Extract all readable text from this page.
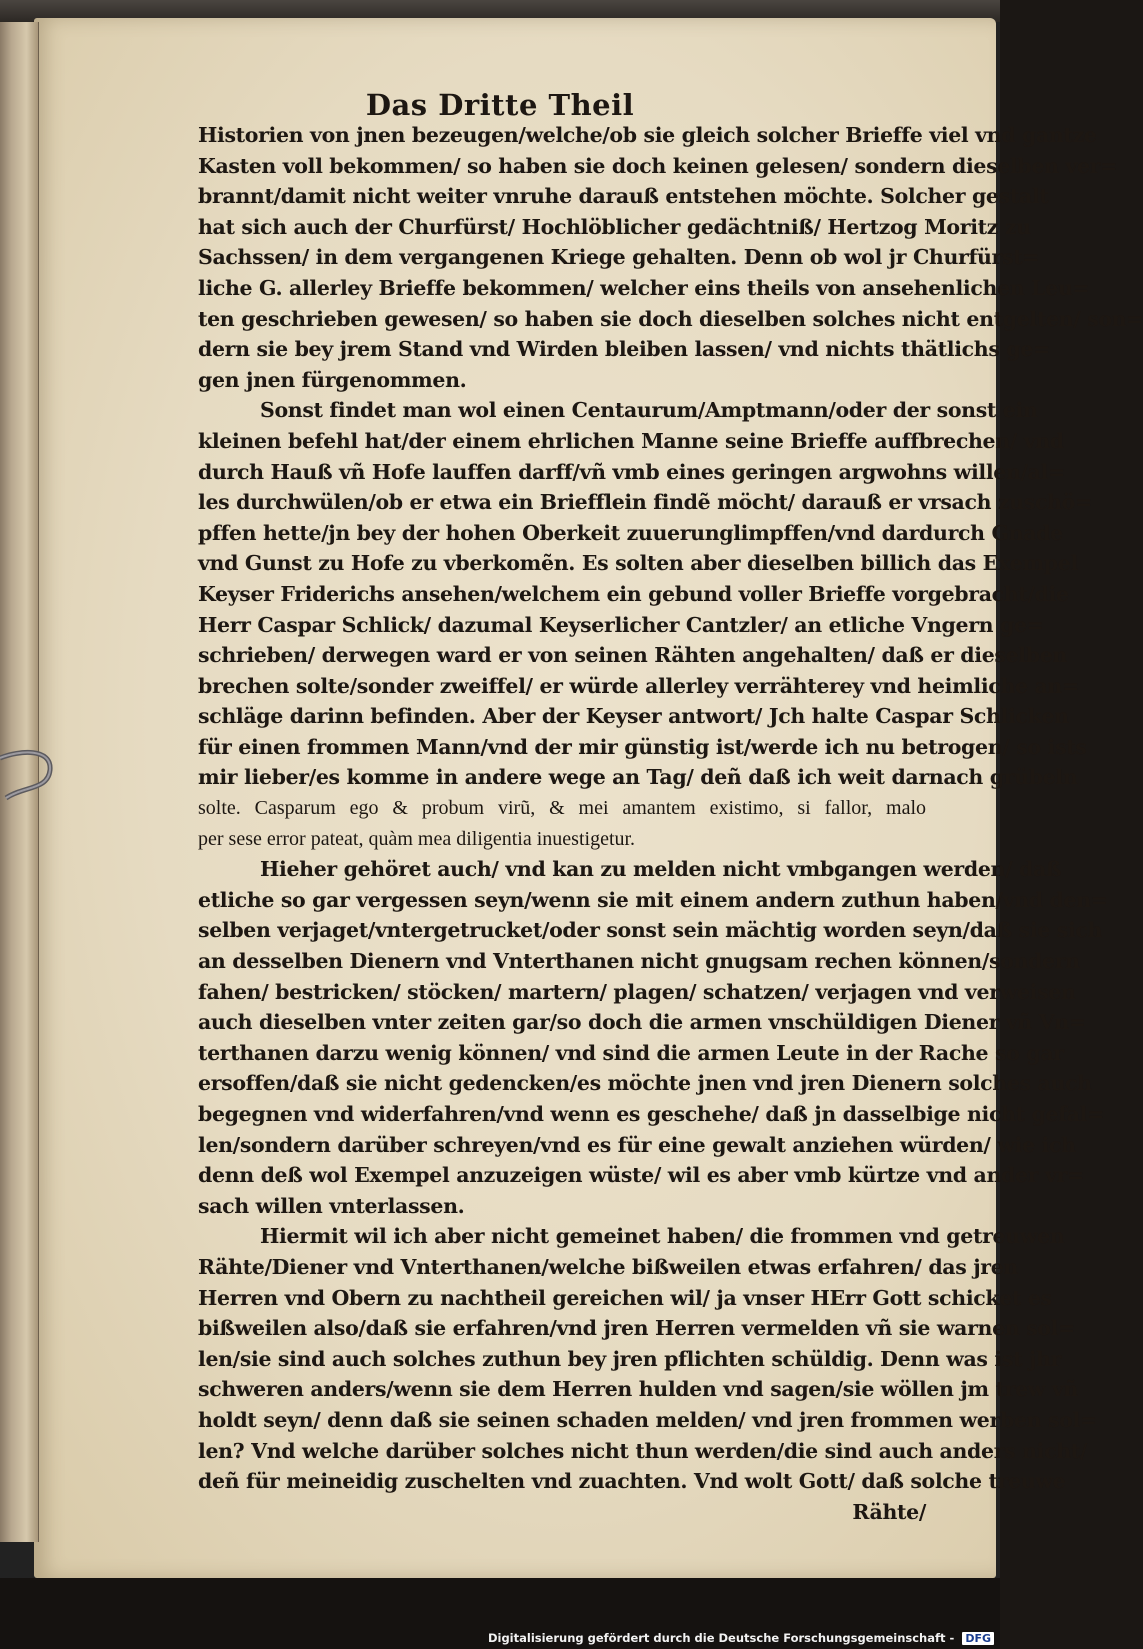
Das Dritte Theil
Historien von jnen bezeugen/welche/ob sie gleich solcher Brieffe viel vnd gantze
Kasten voll bekommen/ so haben sie doch keinen gelesen/ sondern dieselben ver=
brannt/damit nicht weiter vnruhe darauß entstehen möchte. Solcher gestalt
hat sich auch der Churfürst/ Hochlöblicher gedächtniß/ Hertzog Moritz zu
Sachssen/ in dem vergangenen Kriege gehalten. Denn ob wol jr Churfürst=
liche G. allerley Brieffe bekommen/ welcher eins theils von ansehenlichen Leu=
ten geschrieben gewesen/ so haben sie doch dieselben solches nicht entgelten/ son=
dern sie bey jrem Stand vnd Wirden bleiben lassen/ vnd nichts thätlichs ge=
gen jnen fürgenommen.
Sonst findet man wol einen Centaurum/Amptmann/oder der sonst ein
kleinen befehl hat/der einem ehrlichen Manne seine Brieffe auffbrechen/ vnd
durch Hauß vñ Hofe lauffen darff/vñ vmb eines geringen argwohns willen/al=
les durchwülen/ob er etwa ein Briefflein findẽ möcht/ darauß er vrsach zuschö=
pffen hette/jn bey der hohen Oberkeit zuuerunglimpffen/vnd dardurch Gnade
vnd Gunst zu Hofe zu vberkomẽn. Es solten aber dieselben billich das Exempel
Keyser Friderichs ansehen/welchem ein gebund voller Brieffe vorgebracht/die
Herr Caspar Schlick/ dazumal Keyserlicher Cantzler/ an etliche Vngern ge=
schrieben/ derwegen ward er von seinen Rähten angehalten/ daß er dieselben
brechen solte/sonder zweiffel/ er würde allerley verrähterey vnd heimliche an=
schläge darinn befinden. Aber der Keyser antwort/ Jch halte Caspar Schlicken
für einen frommen Mann/vnd der mir günstig ist/werde ich nu betrogen/ so ists
mir lieber/es komme in andere wege an Tag/ deñ daß ich weit darnach grübeln
solte. Casparum ego & probum virũ, & mei amantem existimo, si fallor, malo
per sese error pateat, quàm mea diligentia inuestigetur.
Hieher gehöret auch/ vnd kan zu melden nicht vmbgangen werden/ daß
etliche so gar vergessen seyn/wenn sie mit einem andern zuthun haben/vnd den=
selben verjaget/vntergetrucket/oder sonst sein mächtig worden seyn/daß sie sich
an desselben Dienern vnd Vnterthanen nicht gnugsam rechen können/sondern
fahen/ bestricken/ stöcken/ martern/ plagen/ schatzen/ verjagen vnd verweisen
auch dieselben vnter zeiten gar/so doch die armen vnschüldigen Diener vñ Vn=
terthanen darzu wenig können/ vnd sind die armen Leute in der Rache so gar
ersoffen/daß sie nicht gedencken/es möchte jnen vnd jren Dienern solches auch
begegnen vnd widerfahren/vnd wenn es geschehe/ daß jn dasselbige nicht gefal=
len/sondern darüber schreyen/vnd es für eine gewalt anziehen würden/ wie ich
denn deß wol Exempel anzuzeigen wüste/ wil es aber vmb kürtze vnd ander vr=
sach willen vnterlassen.
Hiermit wil ich aber nicht gemeinet haben/ die frommen vnd getreuwen
Rähte/Diener vnd Vnterthanen/welche bißweilen etwas erfahren/ das jren
Herren vnd Obern zu nachtheil gereichen wil/ ja vnser HErr Gott schicket es
bißweilen also/daß sie erfahren/vnd jren Herren vermelden vñ sie warnen sol=
len/sie sind auch solches zuthun bey jren pflichten schüldig. Denn was ist jhr
schweren anders/wenn sie dem Herren hulden vnd sagen/sie wöllen jm trew vñ
holdt seyn/ denn daß sie seinen schaden melden/ vnd jren frommen werben sol=
len? Vnd welche darüber solches nicht thun werden/die sind auch anders nicht/
deñ für meineidig zuschelten vnd zuachten. Vnd wolt Gott/ daß solche treuwe
Rähte/
Digitalisierung gefördert durch die Deutsche Forschungsgemeinschaft - DFG
